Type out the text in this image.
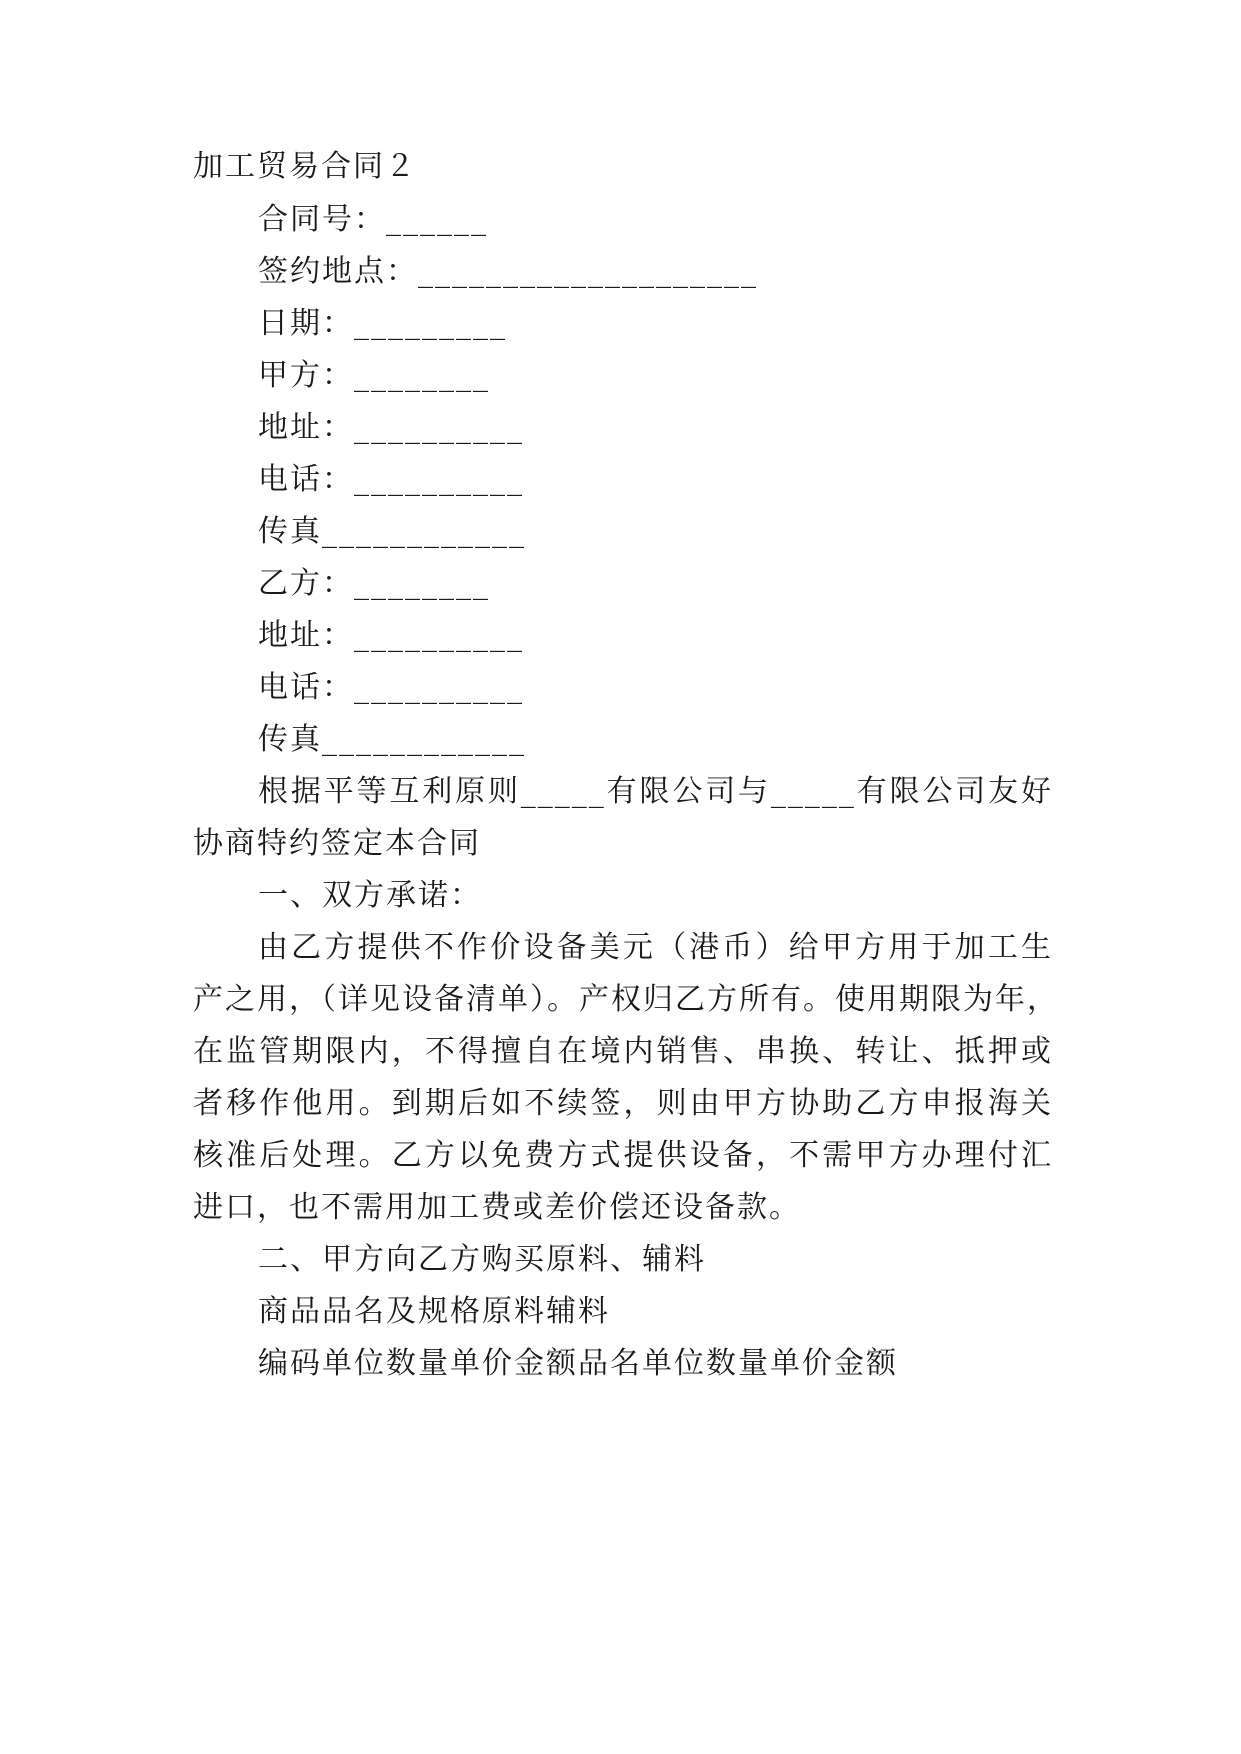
加工贸易合同２
合同号：______
签约地点：____________________
日期：_________
甲方：________
地址：__________
电话：__________
传真____________
乙方：________
地址：__________
电话：__________
传真____________
根据平等互利原则_____有限公司与_____有限公司友好
协商特约签定本合同
一、双方承诺：
由乙方提供不作价设备美元（港币）给甲方用于加工生
产之用，（详见设备清单）。产权归乙方所有。使用期限为年，
在监管期限内，不得擅自在境内销售、串换、转让、抵押或
者移作他用。到期后如不续签，则由甲方协助乙方申报海关
核准后处理。乙方以免费方式提供设备，不需甲方办理付汇
进口，也不需用加工费或差价偿还设备款。
二、甲方向乙方购买原料、辅料
商品品名及规格原料辅料
编码单位数量单价金额品名单位数量单价金额
